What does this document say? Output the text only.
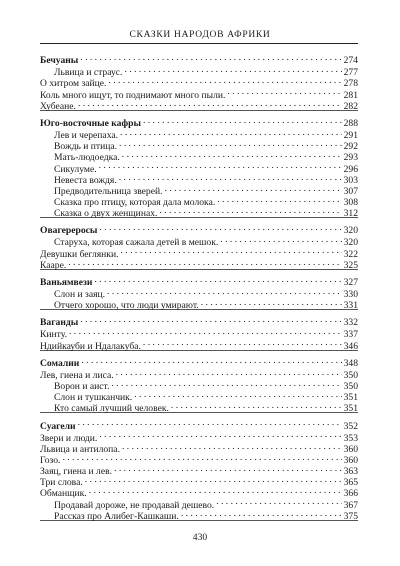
СКАЗКИ НАРОДОВ АФРИКИ
Бечуаны . . .	274
Львица и страус. . . .	277
О хитром зайце. . . .	278
Коль много ищут, то поднимают много пыли. . . .	281
Хубеане. . . .	282
Юго-восточные кафры . . .	288
Лев и черепаха. . . .	291
Вождь и птица. . . .	292
Мать-людоедка. . . .	293
Сикулуме. . . .	296
Невеста вождя. . . .	303
Предводительница зверей. . . .	307
Сказка про птицу, которая дала молока. . . .	308
Сказка о двух женщинах. . . .	312
Овагереросы . . .	320
Старуха, которая сажала детей в мешок. . . .	320
Девушки беглянки. . . .	322
Кааре. . . .	325
Ваньямвези . . .	327
Слон и заяц. . . .	330
Отчего хорошо, что люди умирают. . . .	331
Ваганды . . .	332
Кинту. . . .	337
Ндийкауби и Ндалакуба. . . .	346
Сомалии . . .	348
Лев, гиена и лиса. . . .	350
Ворон и аист. . . .	350
Слон и тушканчик. . . .	351
Кто самый лучший человек. . . .	351
Суагели . . .	352
Звери и люди. . . .	353
Львица и антилопа. . . .	360
Гозо. . . .	360
Заяц, гиена и лев. . . .	363
Три слова. . . .	365
Обманщик. . . .	366
Продавай дороже, не продавай дешево. . . .	367
Рассказ про Алибег-Кашкаши. . . .	375
430
